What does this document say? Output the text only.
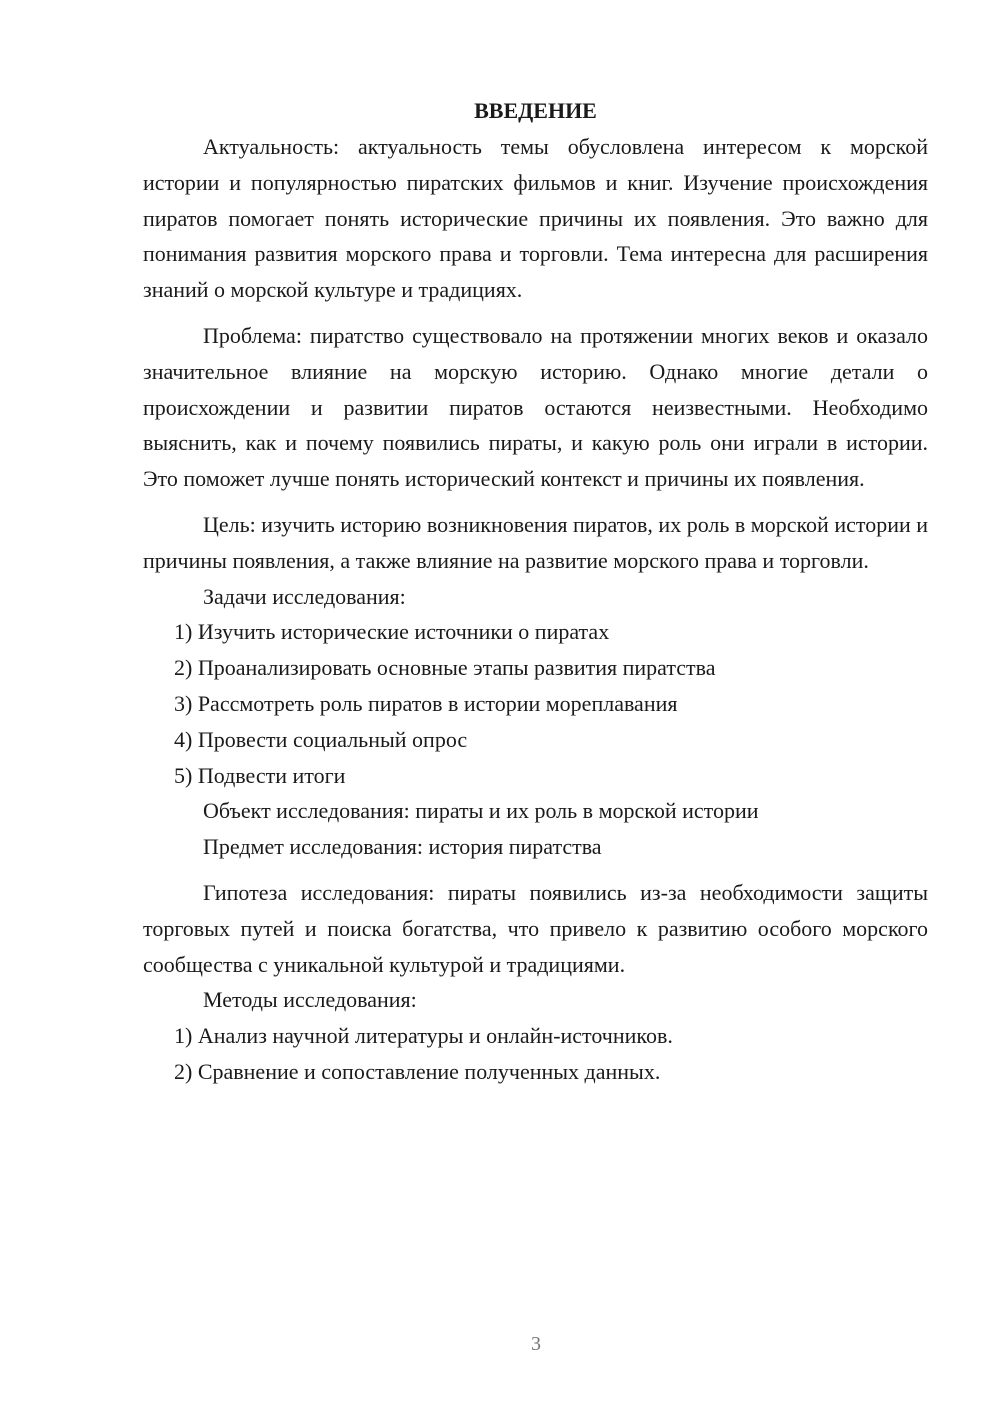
ВВЕДЕНИЕ

Актуальность: актуальность темы обусловлена интересом к морской истории и популярностью пиратских фильмов и книг. Изучение происхождения пиратов помогает понять исторические причины их появления. Это важно для понимания развития морского права и торговли. Тема интересна для расширения знаний о морской культуре и традициях.

Проблема: пиратство существовало на протяжении многих веков и оказало значительное влияние на морскую историю. Однако многие детали о происхождении и развитии пиратов остаются неизвестными. Необходимо выяснить, как и почему появились пираты, и какую роль они играли в истории. Это поможет лучше понять исторический контекст и причины их появления.

Цель: изучить историю возникновения пиратов, их роль в морской истории и причины появления, а также влияние на развитие морского права и торговли.

Задачи исследования:

1) Изучить исторические источники о пиратах

2) Проанализировать основные этапы развития пиратства

3) Рассмотреть роль пиратов в истории мореплавания

4) Провести социальный опрос

5) Подвести итоги

Объект исследования: пираты и их роль в морской истории

Предмет исследования: история пиратства

Гипотеза исследования: пираты появились из-за необходимости защиты торговых путей и поиска богатства, что привело к развитию особого морского сообщества с уникальной культурой и традициями.

Методы исследования:

1) Анализ научной литературы и онлайн-источников.

2) Сравнение и сопоставление полученных данных.

3
